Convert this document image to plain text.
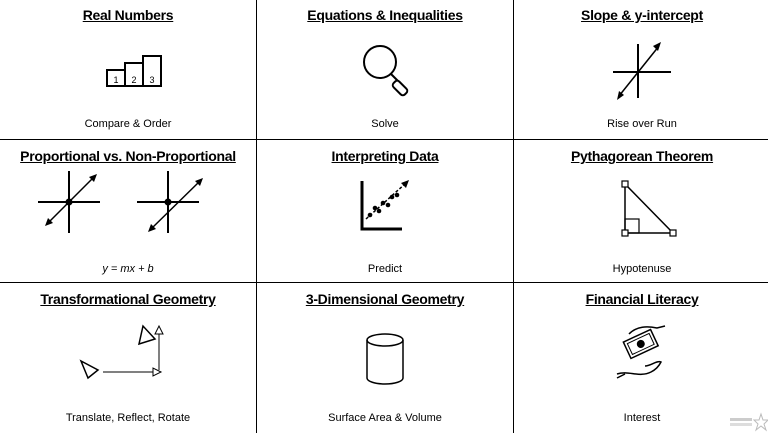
Real Numbers
1 2 3
Compare & Order
Equations & Inequalities
Solve
Slope & y-intercept
Rise over Run
Proportional vs. Non-Proportional
y = mx + b
Interpreting Data
Predict
Pythagorean Theorem
Hypotenuse
Transformational Geometry
Translate, Reflect, Rotate
3-Dimensional Geometry
Surface Area & Volume
Financial Literacy
Interest
